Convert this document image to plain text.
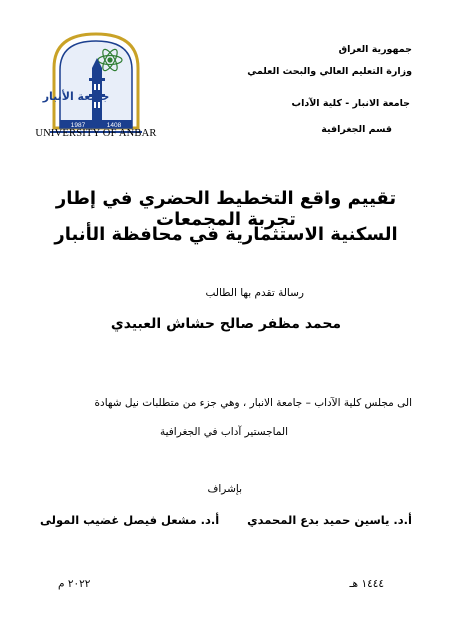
جامعة الأنبار
1987	1408
UNIVERSITY OF ANBAR
جمهورية العراق
وزارة التعليم العالي والبحث العلمي
جامعة الانبار - كلية الآداب
قسم الجغرافية
تقييم واقع التخطيط الحضري في إطار تجربة المجمعات
السكنية الاستثمارية في محافظة الأنبار
رسالة تقدم بها الطالب
محمد مظفر صالح حشاش العبيدي
الى مجلس كلية الآداب – جامعة الانبار ، وهي جزء من متطلبات نيل شهادة
الماجستير آداب في الجغرافية
بإشراف
أ.د. ياسين حميد بدع المحمدي
أ.د. مشعل فيصل غضيب المولى
١٤٤٤ هـ
٢٠٢٢ م
